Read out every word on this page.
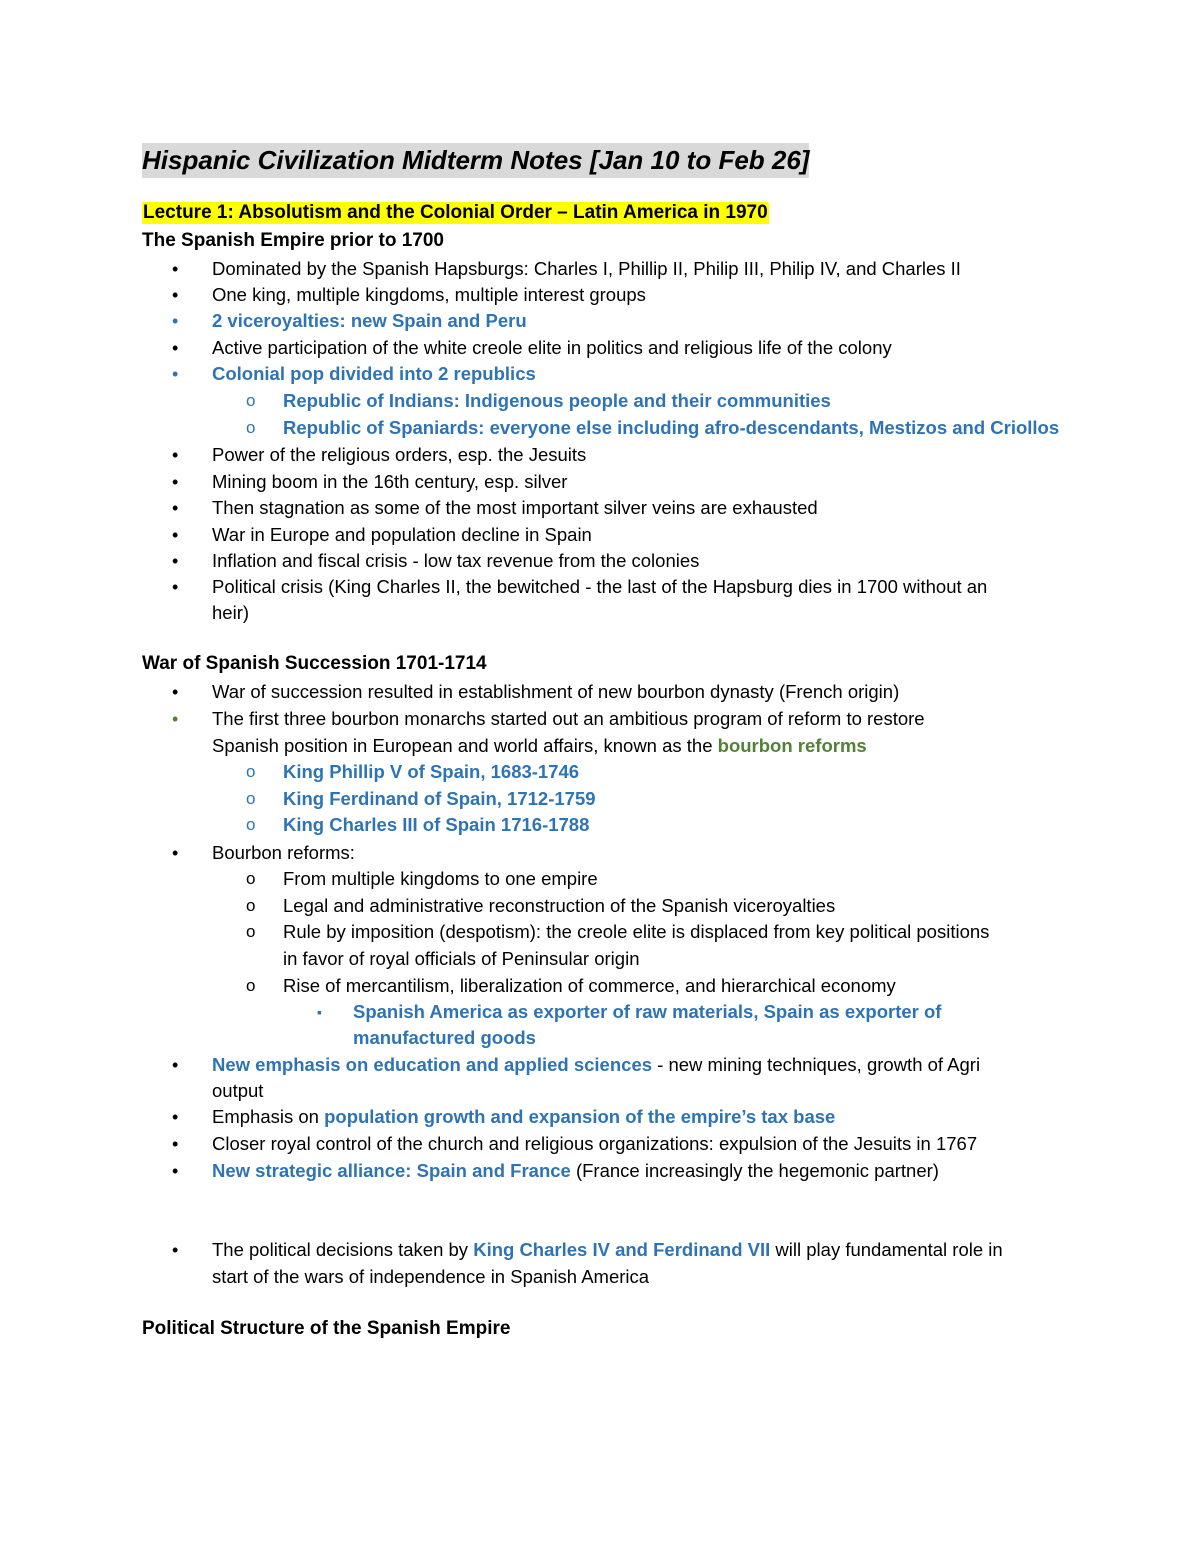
Hispanic Civilization Midterm Notes [Jan 10 to Feb 26]
Lecture 1: Absolutism and the Colonial Order – Latin America in 1970
The Spanish Empire prior to 1700
• Dominated by the Spanish Hapsburgs: Charles I, Phillip II, Philip III, Philip IV, and Charles II
• One king, multiple kingdoms, multiple interest groups
• 2 viceroyalties: new Spain and Peru
• Active participation of the white creole elite in politics and religious life of the colony
• Colonial pop divided into 2 republics
o Republic of Indians: Indigenous people and their communities
o Republic of Spaniards: everyone else including afro-descendants, Mestizos and Criollos
• Power of the religious orders, esp. the Jesuits
• Mining boom in the 16th century, esp. silver
• Then stagnation as some of the most important silver veins are exhausted
• War in Europe and population decline in Spain
• Inflation and fiscal crisis - low tax revenue from the colonies
• Political crisis (King Charles II, the bewitched - the last of the Hapsburg dies in 1700 without an
heir)
War of Spanish Succession 1701-1714
• War of succession resulted in establishment of new bourbon dynasty (French origin)
• The first three bourbon monarchs started out an ambitious program of reform to restore
Spanish position in European and world affairs, known as the bourbon reforms
o King Phillip V of Spain, 1683-1746
o King Ferdinand of Spain, 1712-1759
o King Charles III of Spain 1716-1788
• Bourbon reforms:
o From multiple kingdoms to one empire
o Legal and administrative reconstruction of the Spanish viceroyalties
o Rule by imposition (despotism): the creole elite is displaced from key political positions
in favor of royal officials of Peninsular origin
o Rise of mercantilism, liberalization of commerce, and hierarchical economy
▪ Spanish America as exporter of raw materials, Spain as exporter of
manufactured goods
• New emphasis on education and applied sciences - new mining techniques, growth of Agri
output
• Emphasis on population growth and expansion of the empire’s tax base
• Closer royal control of the church and religious organizations: expulsion of the Jesuits in 1767
• New strategic alliance: Spain and France (France increasingly the hegemonic partner)
• The political decisions taken by King Charles IV and Ferdinand VII will play fundamental role in
start of the wars of independence in Spanish America
Political Structure of the Spanish Empire
